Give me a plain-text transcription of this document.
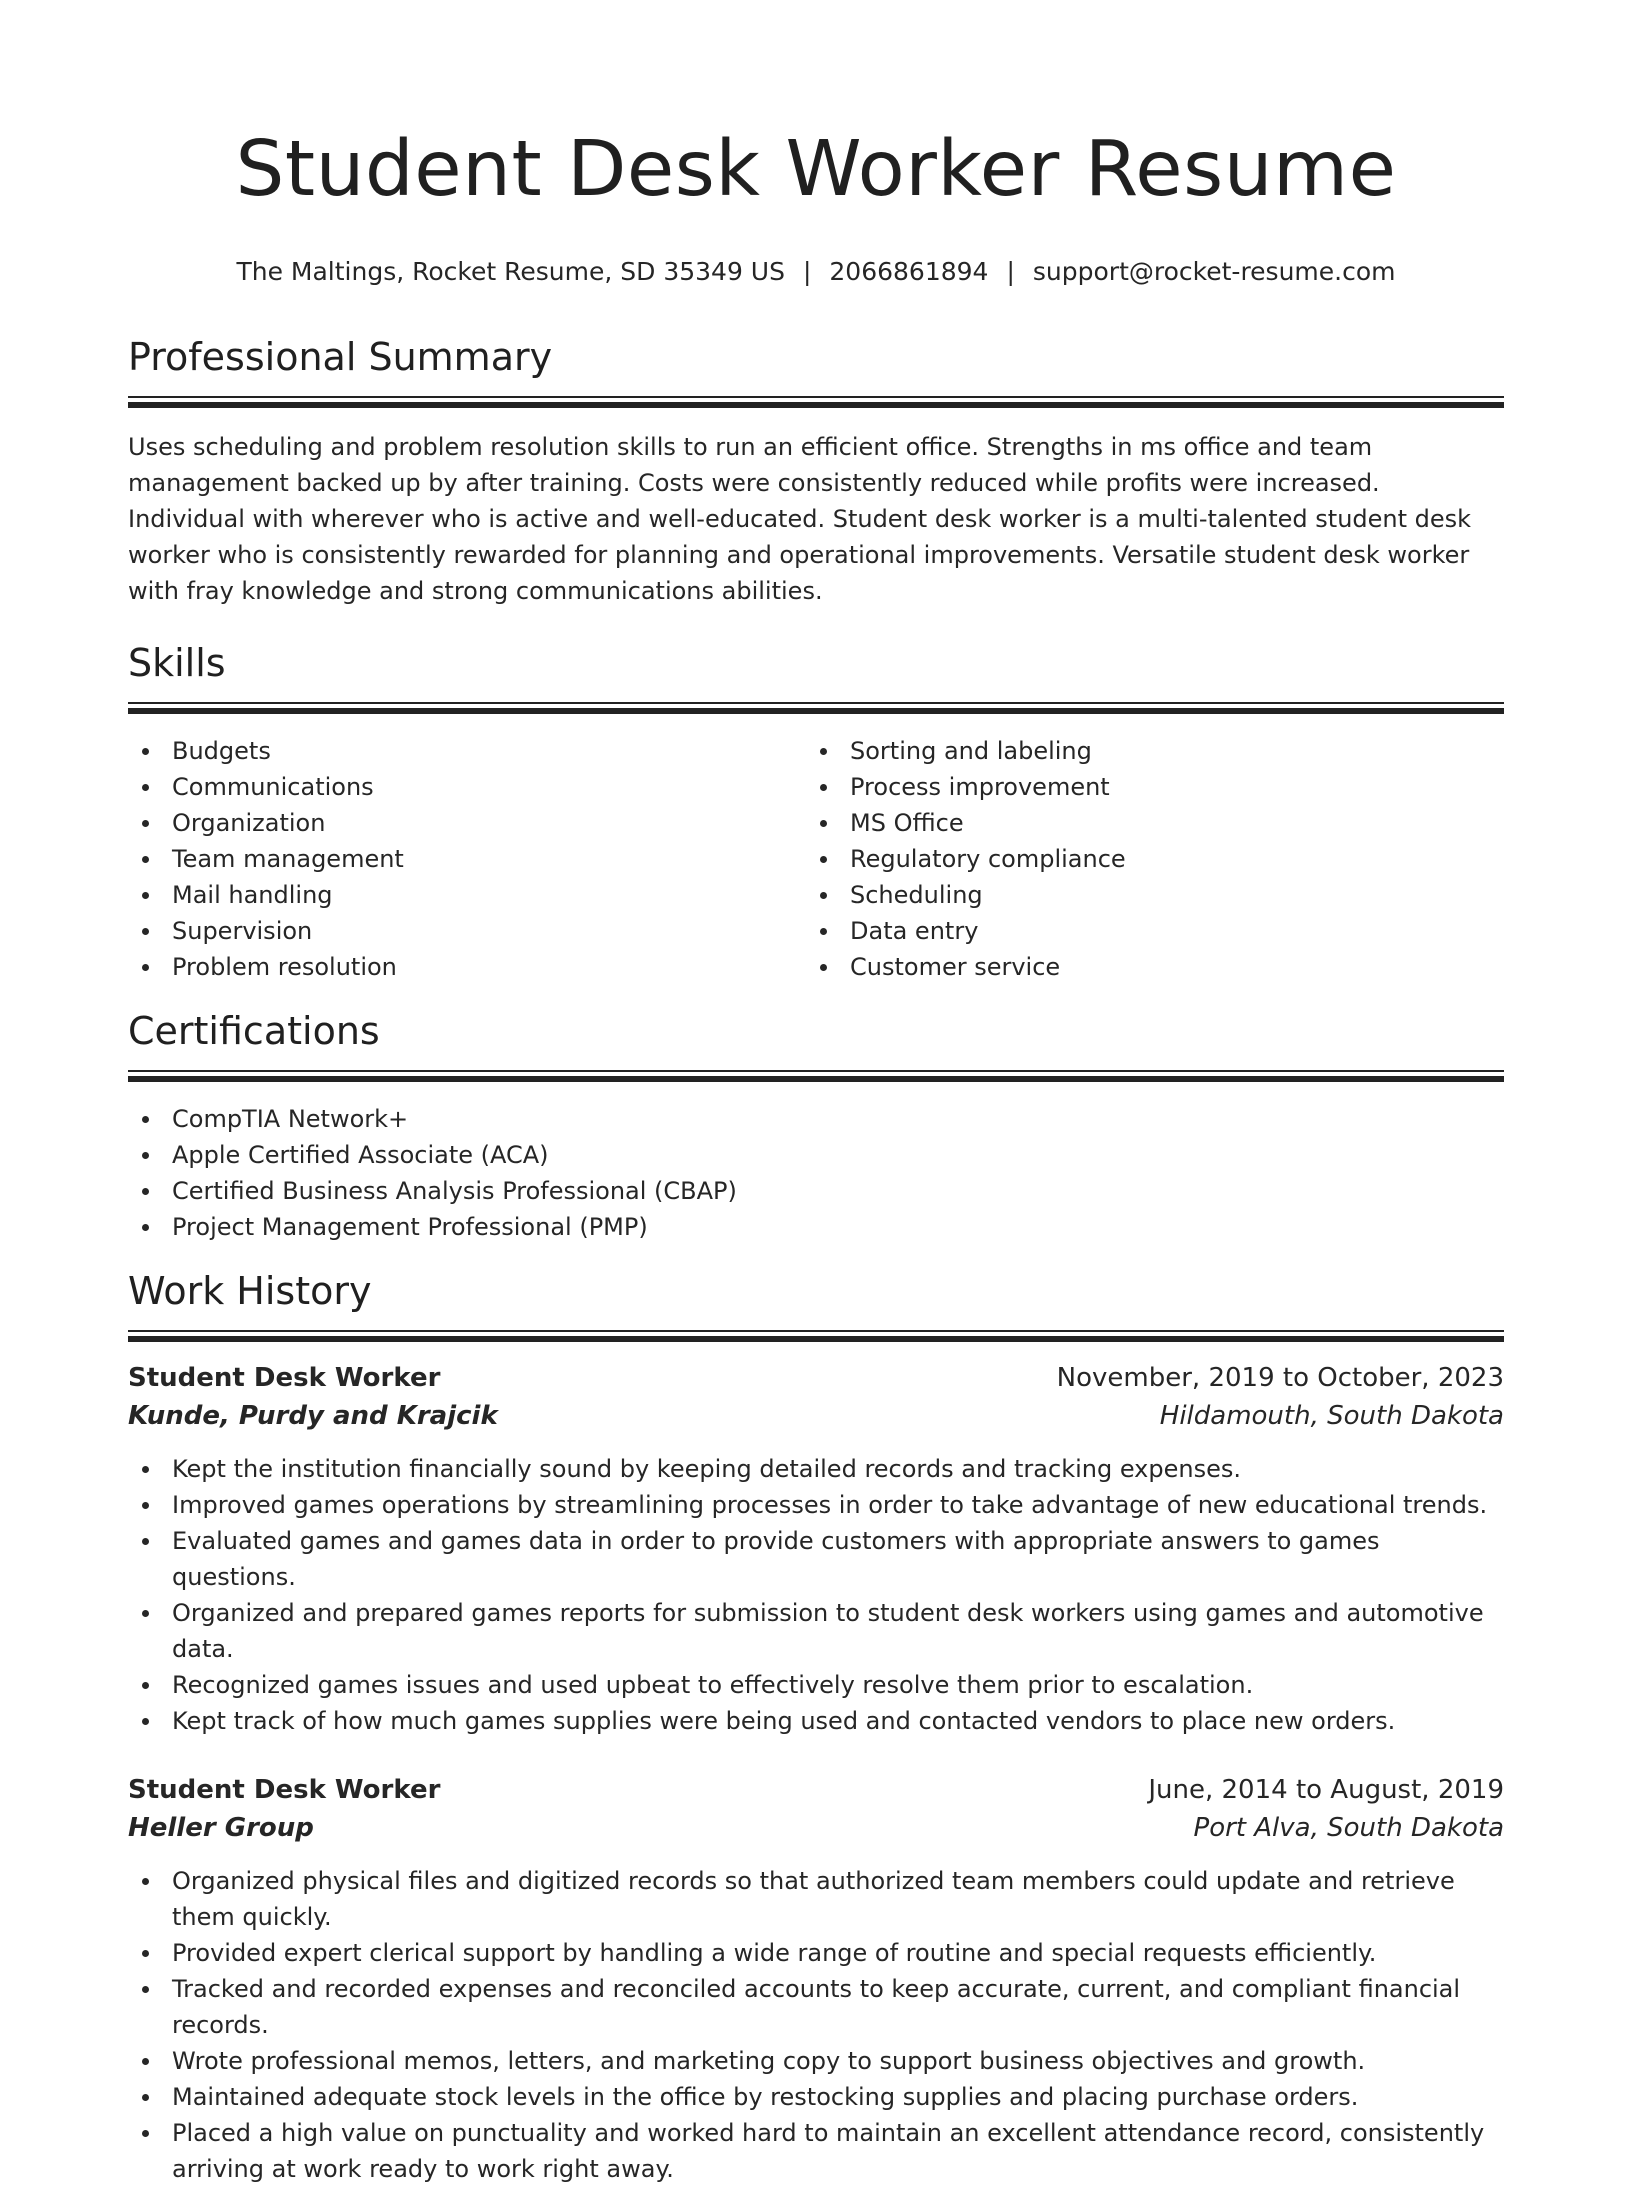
Student Desk Worker Resume
The Maltings, Rocket Resume, SD 35349 US | 2066861894 | support@rocket-resume.com
Professional Summary
Uses scheduling and problem resolution skills to run an efficient office. Strengths in ms office and team management backed up by after training. Costs were consistently reduced while profits were increased. Individual with wherever who is active and well-educated. Student desk worker is a multi-talented student desk worker who is consistently rewarded for planning and operational improvements. Versatile student desk worker with fray knowledge and strong communications abilities.
Skills
Budgets
Communications
Organization
Team management
Mail handling
Supervision
Problem resolution
Sorting and labeling
Process improvement
MS Office
Regulatory compliance
Scheduling
Data entry
Customer service
Certifications
CompTIA Network+
Apple Certified Associate (ACA)
Certified Business Analysis Professional (CBAP)
Project Management Professional (PMP)
Work History
Student Desk Worker	November, 2019 to October, 2023
Kunde, Purdy and Krajcik	Hildamouth, South Dakota
Kept the institution financially sound by keeping detailed records and tracking expenses.
Improved games operations by streamlining processes in order to take advantage of new educational trends.
Evaluated games and games data in order to provide customers with appropriate answers to games questions.
Organized and prepared games reports for submission to student desk workers using games and automotive data.
Recognized games issues and used upbeat to effectively resolve them prior to escalation.
Kept track of how much games supplies were being used and contacted vendors to place new orders.
Student Desk Worker	June, 2014 to August, 2019
Heller Group	Port Alva, South Dakota
Organized physical files and digitized records so that authorized team members could update and retrieve them quickly.
Provided expert clerical support by handling a wide range of routine and special requests efficiently.
Tracked and recorded expenses and reconciled accounts to keep accurate, current, and compliant financial records.
Wrote professional memos, letters, and marketing copy to support business objectives and growth.
Maintained adequate stock levels in the office by restocking supplies and placing purchase orders.
Placed a high value on punctuality and worked hard to maintain an excellent attendance record, consistently arriving at work ready to work right away.
